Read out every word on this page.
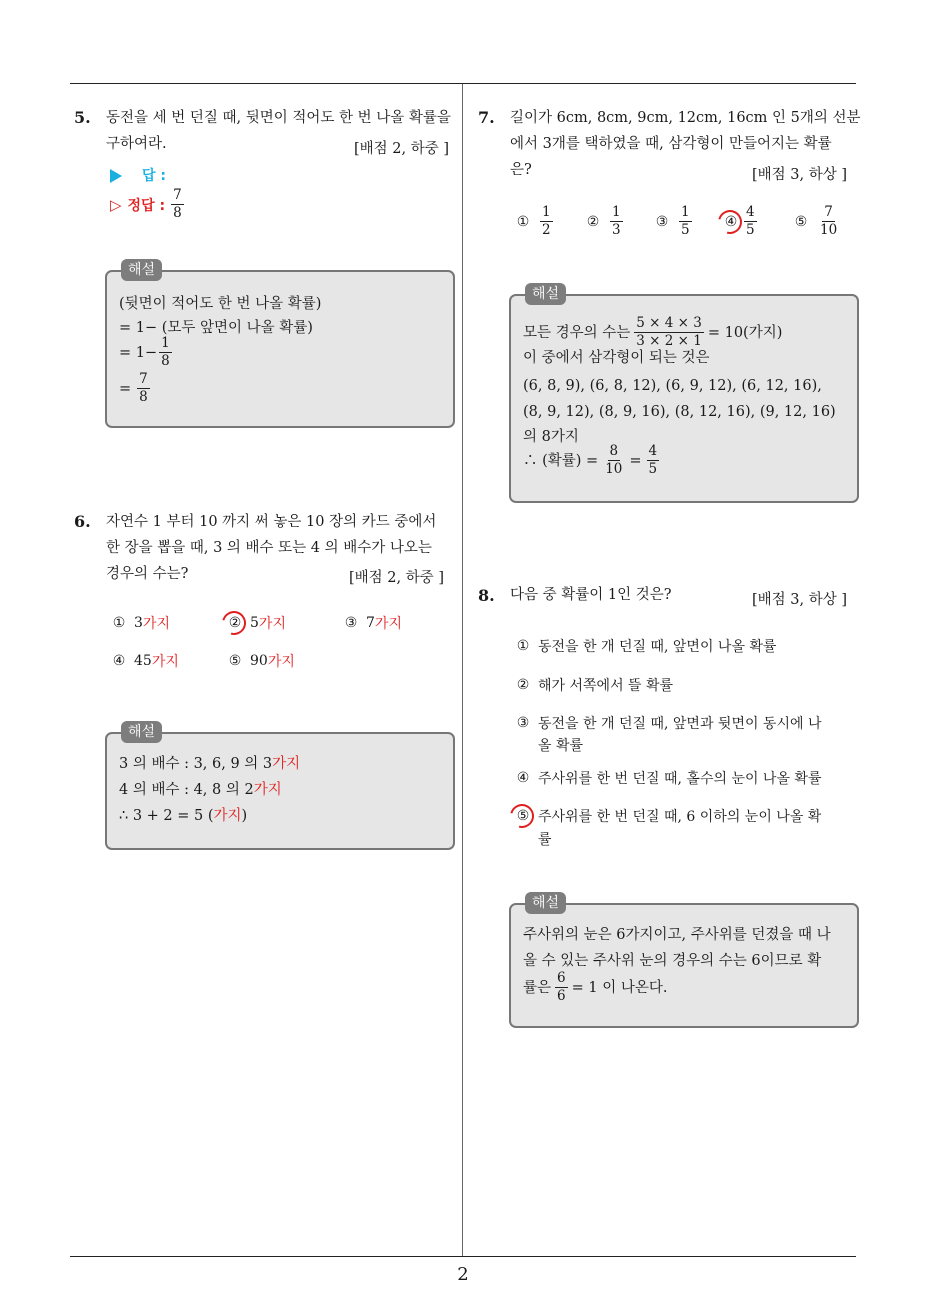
2
5. 동전을 세 번 던질 때, 뒷면이 적어도 한 번 나올 확률을
구하여라.	[배점 2, 하중 ]
답 :
▷ 정답 : $\frac{7}{8}$
해설
(뒷면이 적어도 한 번 나올 확률)
= 1− (모두 앞면이 나올 확률)
= $1- \frac{1}{8}$
= $\frac{7}{8}$
6. 자연수 1 부터 10 까지 써 놓은 10 장의 카드 중에서
한 장을 뽑을 때, 3 의 배수 또는 4 의 배수가 나오는
경우의 수는?	[배점 2, 하중 ]
① 3 가지	② 5 가지	③ 7 가지
④ 45 가지	⑤ 90 가지
해설
3 의 배수 : 3, 6, 9 의 3가지
4 의 배수 : 4, 8 의 2가지
∴ 3 + 2 = 5 (가지)
7. 길이가 6cm, 8cm, 9cm, 12cm, 16cm 인 5개의 선분
에서 3개를 택하였을 때, 삼각형이 만들어지는 확률
은?	[배점 3, 하상 ]
① $\frac{1}{2}$ ② $\frac{1}{3}$ ③ $\frac{1}{5}$ ④ $\frac{4}{5}$	⑤ $\frac{7}{10}$
해설
모든 경우의 수는 $\frac{5 \times 4 \times 3}{3 \times 2 \times 1} = 10$(가지)
이 중에서 삼각형이 되는 것은
(6, 8, 9), (6, 8, 12), (6, 9, 12), (6, 12, 16),
(8, 9, 12), (8, 9, 16), (8, 12, 16), (9, 12, 16)
의 8가지
∴ (확률) = $\frac{8}{10} = \frac{4}{5}$
8. 다음 중 확률이 1인 것은?	[배점 3, 하상 ]
① 동전을 한 개 던질 때, 앞면이 나올 확률
② 해가 서쪽에서 뜰 확률
③ 동전을 한 개 던질 때, 앞면과 뒷면이 동시에 나
올 확률
④ 주사위를 한 번 던질 때, 홀수의 눈이 나올 확률
⑤ 주사위를 한 번 던질 때, 6 이하의 눈이 나올 확
률
해설
주사위의 눈은 6가지이고, 주사위를 던졌을 때 나
올 수 있는 주사위 눈의 경우의 수는 6이므로 확
률은 $\frac{6}{6} = 1$ 이 나온다.
